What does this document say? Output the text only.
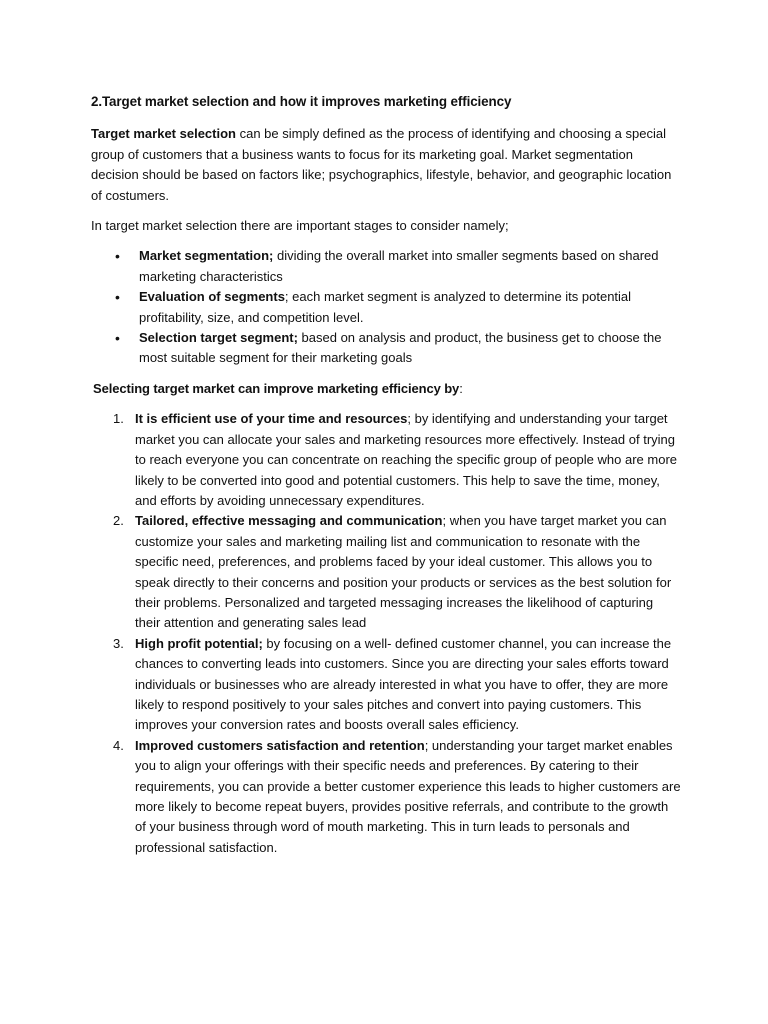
2.Target market selection and how it improves marketing efficiency

Target market selection can be simply defined as the process of identifying and choosing a special group of customers that a business wants to focus for its marketing goal. Market segmentation decision should be based on factors like; psychographics, lifestyle, behavior, and geographic location of costumers.

In target market selection there are important stages to consider namely;

• Market segmentation; dividing the overall market into smaller segments based on shared marketing characteristics
• Evaluation of segments; each market segment is analyzed to determine its potential profitability, size, and competition level.
• Selection target segment; based on analysis and product, the business get to choose the most suitable segment for their marketing goals
Selecting target market can improve marketing efficiency by:
1. It is efficient use of your time and resources; by identifying and understanding your target market you can allocate your sales and marketing resources more effectively. Instead of trying to reach everyone you can concentrate on reaching the specific group of people who are more likely to be converted into good and potential customers. This help to save the time, money, and efforts by avoiding unnecessary expenditures.
2. Tailored, effective messaging and communication; when you have target market you can customize your sales and marketing mailing list and communication to resonate with the specific need, preferences, and problems faced by your ideal customer. This allows you to speak directly to their concerns and position your products or services as the best solution for their problems. Personalized and targeted messaging increases the likelihood of capturing their attention and generating sales lead
3. High profit potential; by focusing on a well- defined customer channel, you can increase the chances to converting leads into customers. Since you are directing your sales efforts toward individuals or businesses who are already interested in what you have to offer, they are more likely to respond positively to your sales pitches and convert into paying customers. This improves your conversion rates and boosts overall sales efficiency.
4. Improved customers satisfaction and retention; understanding your target market enables you to align your offerings with their specific needs and preferences. By catering to their requirements, you can provide a better customer experience this leads to higher customers are more likely to become repeat buyers, provides positive referrals, and contribute to the growth of your business through word of mouth marketing. This in turn leads to personals and professional satisfaction.
